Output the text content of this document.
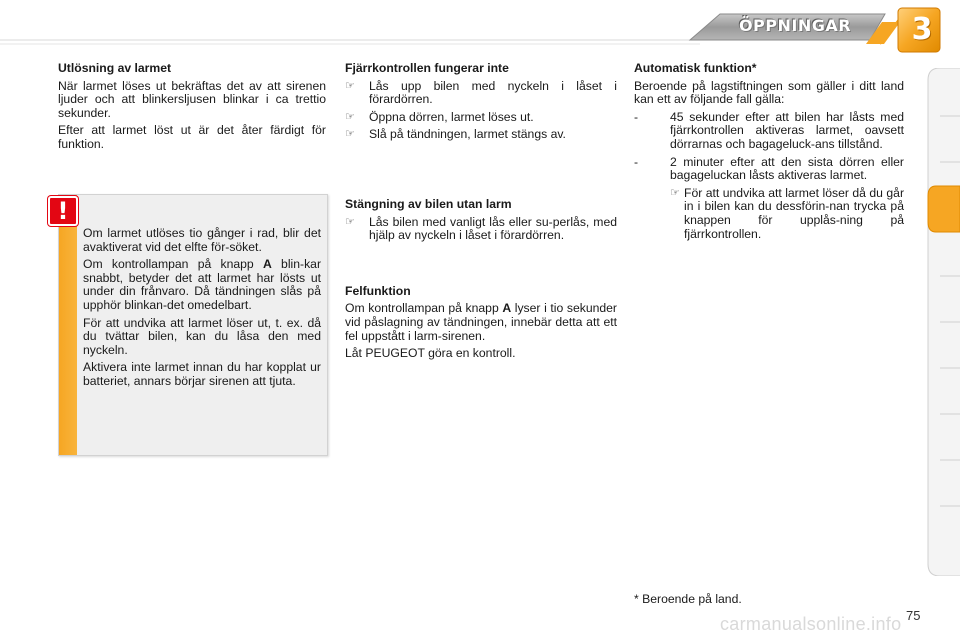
ÖPPNINGAR	3
Utlösning av larmet
När larmet löses ut bekräftas det av att sirenen ljuder och att blinkersljusen blinkar i ca trettio sekunder.
Efter att larmet löst ut är det åter färdigt för funktion.
Om larmet utlöses tio gånger i rad, blir det avaktiverat vid det elfte för-söket.
Om kontrollampan på knapp A blin-kar snabbt, betyder det att larmet har lösts ut under din frånvaro. Då tändningen slås på upphör blinkan-det omedelbart.
För att undvika att larmet löser ut, t. ex. då du tvättar bilen, kan du låsa den med nyckeln.
Aktivera inte larmet innan du har kopplat ur batteriet, annars börjar sirenen att tjuta.
!
Fjärrkontrollen fungerar inte
☞	Lås upp bilen med nyckeln i låset i förardörren.
☞	Öppna dörren, larmet löses ut.
☞	Slå på tändningen, larmet stängs av.
Stängning av bilen utan larm
☞	Lås bilen med vanligt lås eller su-perlås, med hjälp av nyckeln i låset i förardörren.
Felfunktion
Om kontrollampan på knapp A lyser i tio sekunder vid påslagning av tändningen, innebär detta att ett fel uppstått i larm-sirenen.
Låt PEUGEOT göra en kontroll.
Automatisk funktion*
Beroende på lagstiftningen som gäller i ditt land kan ett av följande fall gälla:
-	45 sekunder efter att bilen har låsts med fjärrkontrollen aktiveras larmet, oavsett dörrarnas och bagageluck-ans tillstånd.
-	2 minuter efter att den sista dörren eller bagageluckan låsts aktiveras larmet.
☞ För att undvika att larmet löser då du går in i bilen kan du dessförin-nan trycka på knappen för upplås-ning på fjärrkontrollen.
* Beroende på land.
carmanualsonline.info 75
